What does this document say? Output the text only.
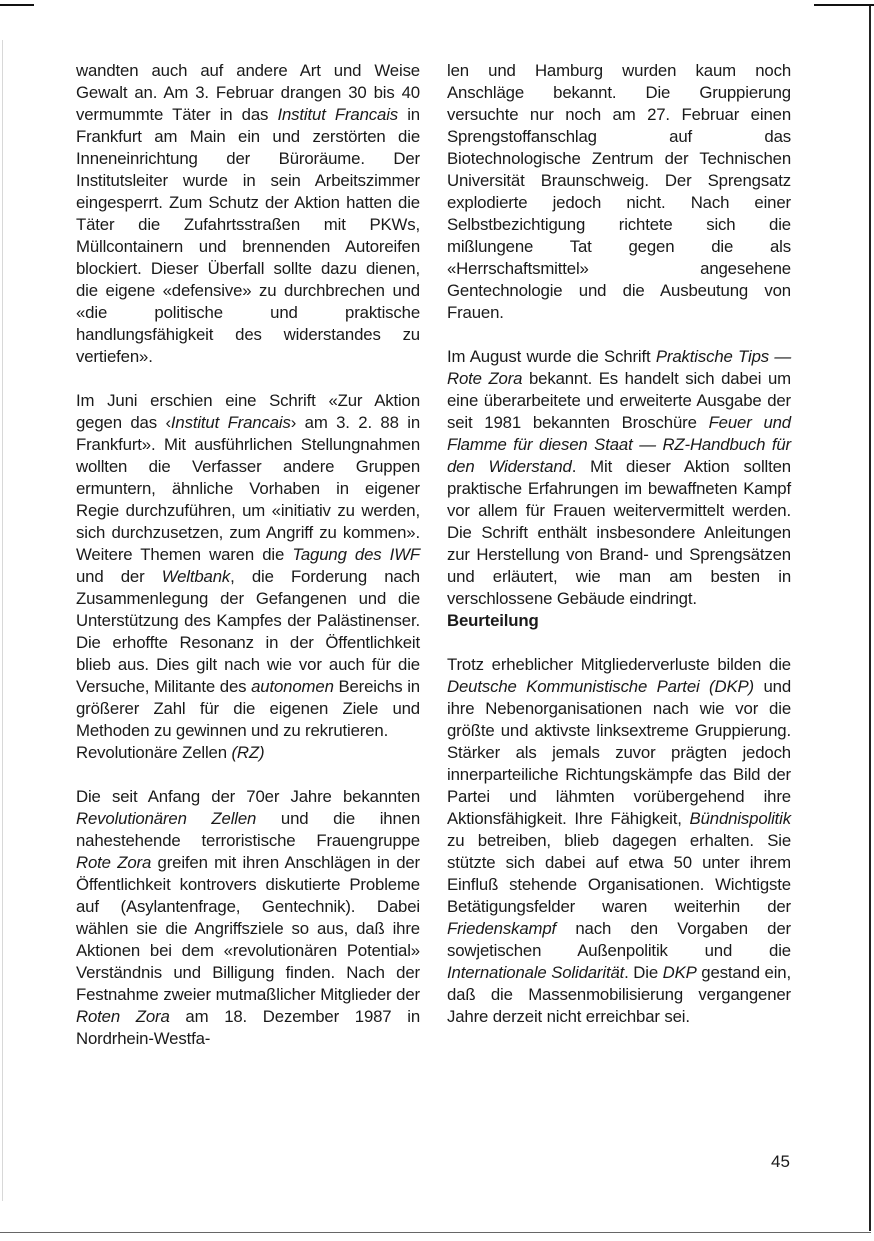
wandten auch auf andere Art und Weise Gewalt an. Am 3. Februar drangen 30 bis 40 vermummte Täter in das Institut Francais in Frankfurt am Main ein und zerstörten die Inneneinrichtung der Büroräume. Der Institutsleiter wurde in sein Arbeitszimmer eingesperrt. Zum Schutz der Aktion hatten die Täter die Zufahrtsstraßen mit PKWs, Müllcontainern und brennenden Autoreifen blockiert. Dieser Überfall sollte dazu dienen, die eigene «defensive» zu durchbrechen und «die politische und praktische handlungsfähigkeit des widerstandes zu vertiefen».

Im Juni erschien eine Schrift «Zur Aktion gegen das ‹Institut Francais› am 3. 2. 88 in Frankfurt». Mit ausführlichen Stellungnahmen wollten die Verfasser andere Gruppen ermuntern, ähnliche Vorhaben in eigener Regie durchzuführen, um «initiativ zu werden, sich durchzusetzen, zum Angriff zu kommen». Weitere Themen waren die Tagung des IWF und der Weltbank, die Forderung nach Zusammenlegung der Gefangenen und die Unterstützung des Kampfes der Palästinenser. Die erhoffte Resonanz in der Öffentlichkeit blieb aus. Dies gilt nach wie vor auch für die Versuche, Militante des autonomen Bereichs in größerer Zahl für die eigenen Ziele und Methoden zu gewinnen und zu rekrutieren.

Revolutionäre Zellen (RZ)

Die seit Anfang der 70er Jahre bekannten Revolutionären Zellen und die ihnen nahestehende terroristische Frauengruppe Rote Zora greifen mit ihren Anschlägen in der Öffentlichkeit kontrovers diskutierte Probleme auf (Asylantenfrage, Gentechnik). Dabei wählen sie die Angriffsziele so aus, daß ihre Aktionen bei dem «revolutionären Potential» Verständnis und Billigung finden. Nach der Festnahme zweier mutmaßlicher Mitglieder der Roten Zora am 18. Dezember 1987 in Nordrhein-Westfa-

len und Hamburg wurden kaum noch Anschläge bekannt. Die Gruppierung versuchte nur noch am 27. Februar einen Sprengstoffanschlag auf das Biotechnologische Zentrum der Technischen Universität Braunschweig. Der Sprengsatz explodierte jedoch nicht. Nach einer Selbstbezichtigung richtete sich die mißlungene Tat gegen die als «Herrschaftsmittel» angesehene Gentechnologie und die Ausbeutung von Frauen.

Im August wurde die Schrift Praktische Tips — Rote Zora bekannt. Es handelt sich dabei um eine überarbeitete und erweiterte Ausgabe der seit 1981 bekannten Broschüre Feuer und Flamme für diesen Staat — RZ-Handbuch für den Widerstand. Mit dieser Aktion sollten praktische Erfahrungen im bewaffneten Kampf vor allem für Frauen weitervermittelt werden. Die Schrift enthält insbesondere Anleitungen zur Herstellung von Brand- und Sprengsätzen und erläutert, wie man am besten in verschlossene Gebäude eindringt.

Beurteilung

Trotz erheblicher Mitgliederverluste bilden die Deutsche Kommunistische Partei (DKP) und ihre Nebenorganisationen nach wie vor die größte und aktivste linksextreme Gruppierung. Stärker als jemals zuvor prägten jedoch innerparteiliche Richtungskämpfe das Bild der Partei und lähmten vorübergehend ihre Aktionsfähigkeit. Ihre Fähigkeit, Bündnispolitik zu betreiben, blieb dagegen erhalten. Sie stützte sich dabei auf etwa 50 unter ihrem Einfluß stehende Organisationen. Wichtigste Betätigungsfelder waren weiterhin der Friedenskampf nach den Vorgaben der sowjetischen Außenpolitik und die Internationale Solidarität. Die DKP gestand ein, daß die Massenmobilisierung vergangener Jahre derzeit nicht erreichbar sei.

45
